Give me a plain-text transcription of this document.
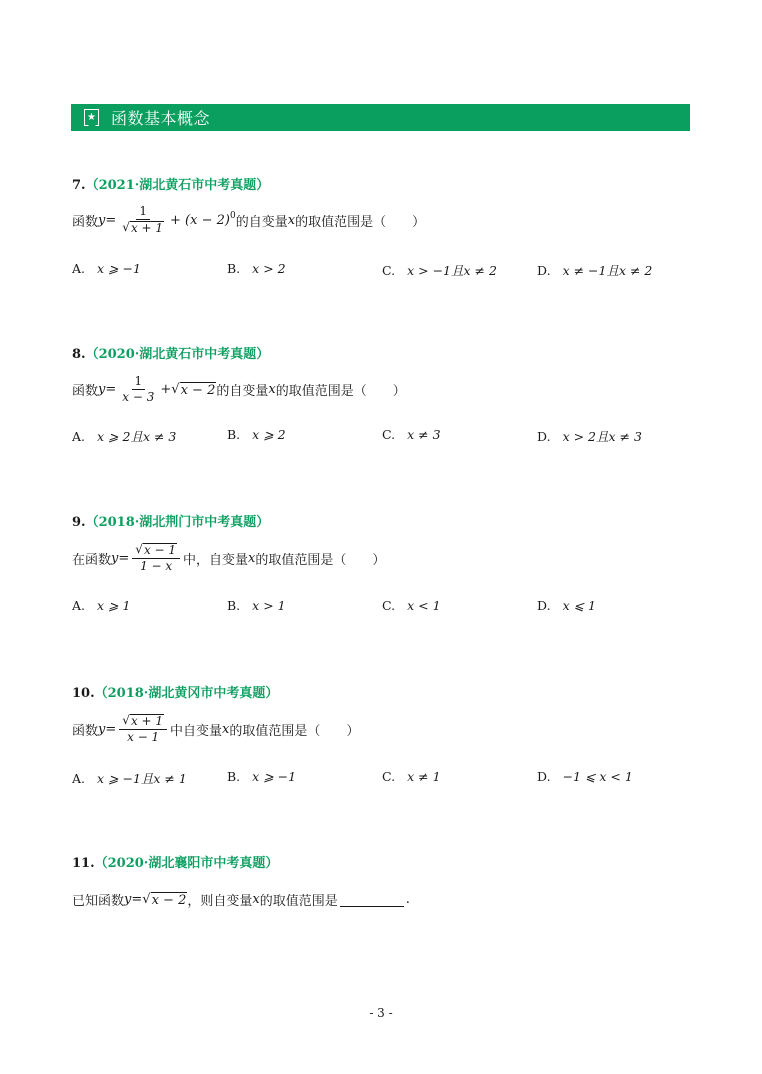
★ 函数基本概念
7.（2021·湖北黄石市中考真题）
函数 $y = \frac{1}{√ x + 1} + (x - 2)^0$ 的自变量 x 的取值范围是（　　）
A. x ⩾ −1	B. x > 2	C. x > −1且x ≠ 2	D. x ≠ −1且x ≠ 2
8.（2020·湖北黄石市中考真题）
函数 $y = \frac{1}{x - 3}$ + √ x − 2 的自变量 x 的取值范围是（　　）
A. x ⩾ 2且x ≠ 3	B. x ⩾ 2	C. x ≠ 3	D. x > 2且x ≠ 3
9.（2018·湖北荆门市中考真题）
在函数 $y = \frac{√ x - 1}{1 - x}$ 中，自变量 x 的取值范围是（　　）
A. x ⩾ 1	B. x > 1	C. x < 1	D. x ⩽ 1
10.（2018·湖北黄冈市中考真题）
函数 $y = \frac{√ x + 1}{x - 1}$ 中自变量 x 的取值范围是（　　）
A. x ⩾ −1且x ≠ 1	B. x ⩾ −1	C. x ≠ 1	D. −1 ⩽ x < 1
11.（2020·湖北襄阳市中考真题）
已知函数 y = √ x − 2 ，则自变量 x 的取值范围是	.
- 3 -
